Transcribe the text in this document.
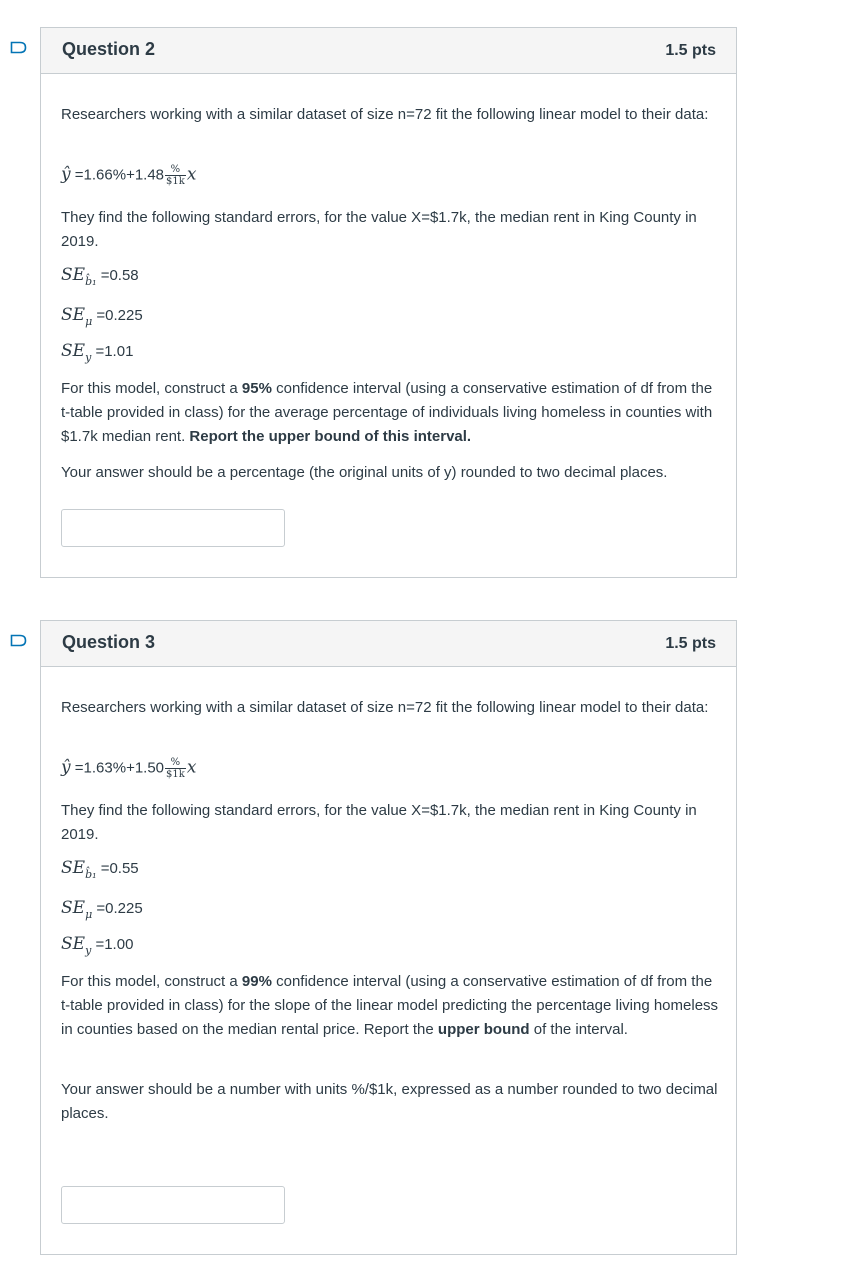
Question 2	1.5 pts
Researchers working with a similar dataset of size n=72 fit the following linear model to their data:
ŷ $=1.66\%+1.48 \frac{\%}{\$1k}$ x
They find the following standard errors, for the value X=$1.7k, the median rent in King County in 2019.
$SE_{b̂_1} =0.58$
$SE_\mu =0.225$
$SE_y =1.01$
For this model, construct a 95% confidence interval (using a conservative estimation of df from the t-table provided in class) for the average percentage of individuals living homeless in counties with $1.7k median rent. Report the upper bound of this interval.
Your answer should be a percentage (the original units of y) rounded to two decimal places.
Question 3	1.5 pts
Researchers working with a similar dataset of size n=72 fit the following linear model to their data:
ŷ $=1.63\%+1.50 \frac{\%}{\$1k}$ x
They find the following standard errors, for the value X=$1.7k, the median rent in King County in 2019.
$SE_{b̂_1} =0.55$
$SE_\mu =0.225$
$SE_y =1.00$
For this model, construct a 99% confidence interval (using a conservative estimation of df from the t-table provided in class) for the slope of the linear model predicting the percentage living homeless in counties based on the median rental price. Report the upper bound of the interval.
Your answer should be a number with units %/$1k, expressed as a number rounded to two decimal places.
